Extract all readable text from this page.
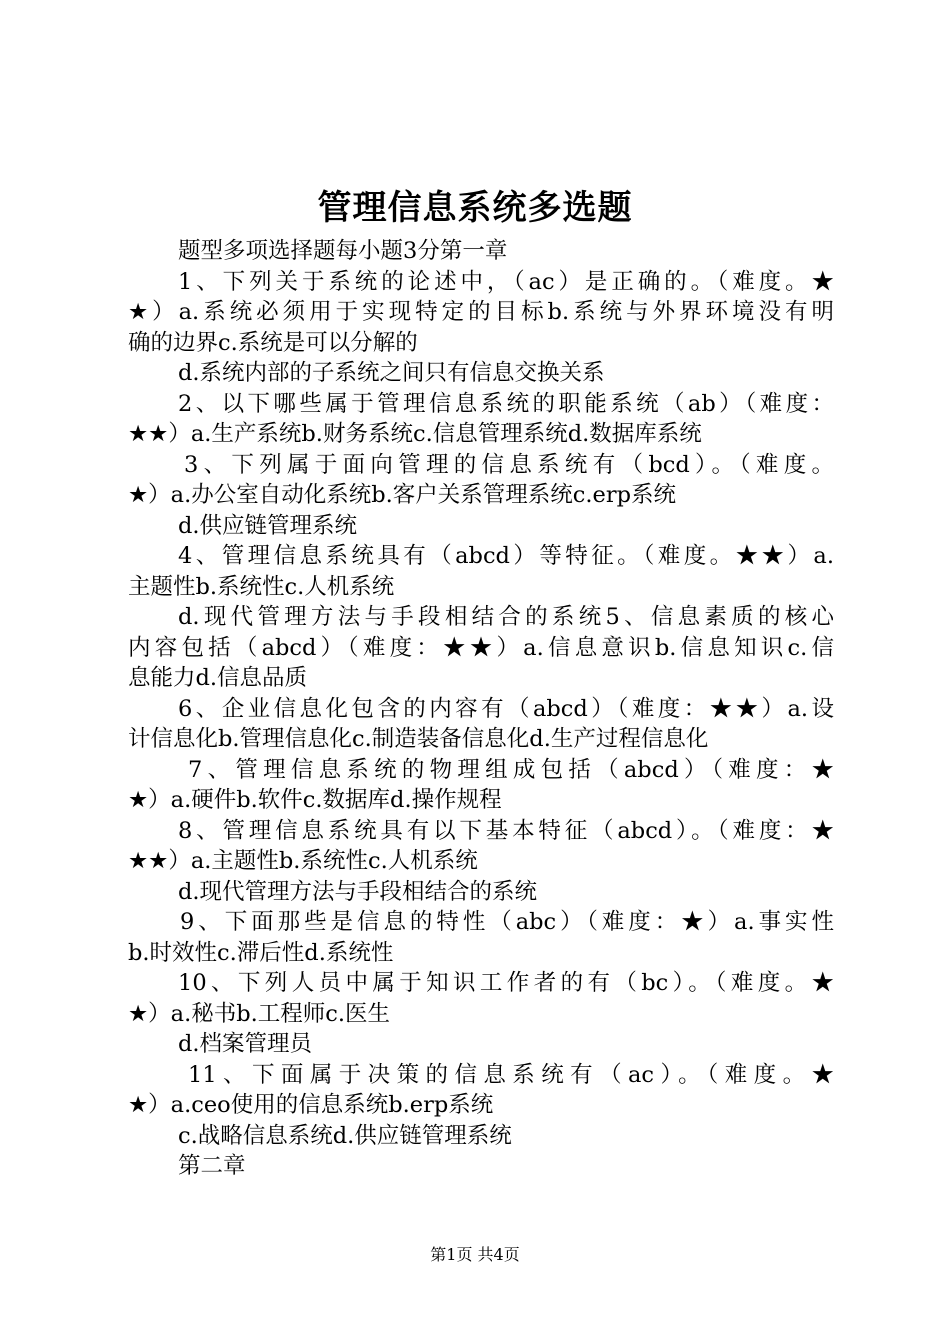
管理信息系统多选题
题型多项选择题每小题3分第一章
1、下列关于系统的论述中，（ac）是正确的。（难度。★
★）a.系统必须用于实现特定的目标b.系统与外界环境没有明
确的边界c.系统是可以分解的
d.系统内部的子系统之间只有信息交换关系
2、以下哪些属于管理信息系统的职能系统（ab）（难度：
★★）a.生产系统b.财务系统c.信息管理系统d.数据库系统
3、下列属于面向管理的信息系统有（bcd）。（难度。
★）a.办公室自动化系统b.客户关系管理系统c.erp系统
d.供应链管理系统
4、管理信息系统具有（abcd）等特征。（难度。★★）a.
主题性b.系统性c.人机系统
d.现代管理方法与手段相结合的系统5、信息素质的核心
内容包括（abcd）（难度：★★）a.信息意识b.信息知识c.信
息能力d.信息品质
6、企业信息化包含的内容有（abcd）（难度：★★）a.设
计信息化b.管理信息化c.制造装备信息化d.生产过程信息化
7、管理信息系统的物理组成包括（abcd）（难度：★
★）a.硬件b.软件c.数据库d.操作规程
8、管理信息系统具有以下基本特征（abcd）。（难度：★
★★）a.主题性b.系统性c.人机系统
d.现代管理方法与手段相结合的系统
9、下面那些是信息的特性（abc）（难度：★）a.事实性
b.时效性c.滞后性d.系统性
10、下列人员中属于知识工作者的有（bc）。（难度。★
★）a.秘书b.工程师c.医生
d.档案管理员
11、下面属于决策的信息系统有（ac）。（难度。★
★）a.ceo使用的信息系统b.erp系统
c.战略信息系统d.供应链管理系统
第二章
第1页 共4页
